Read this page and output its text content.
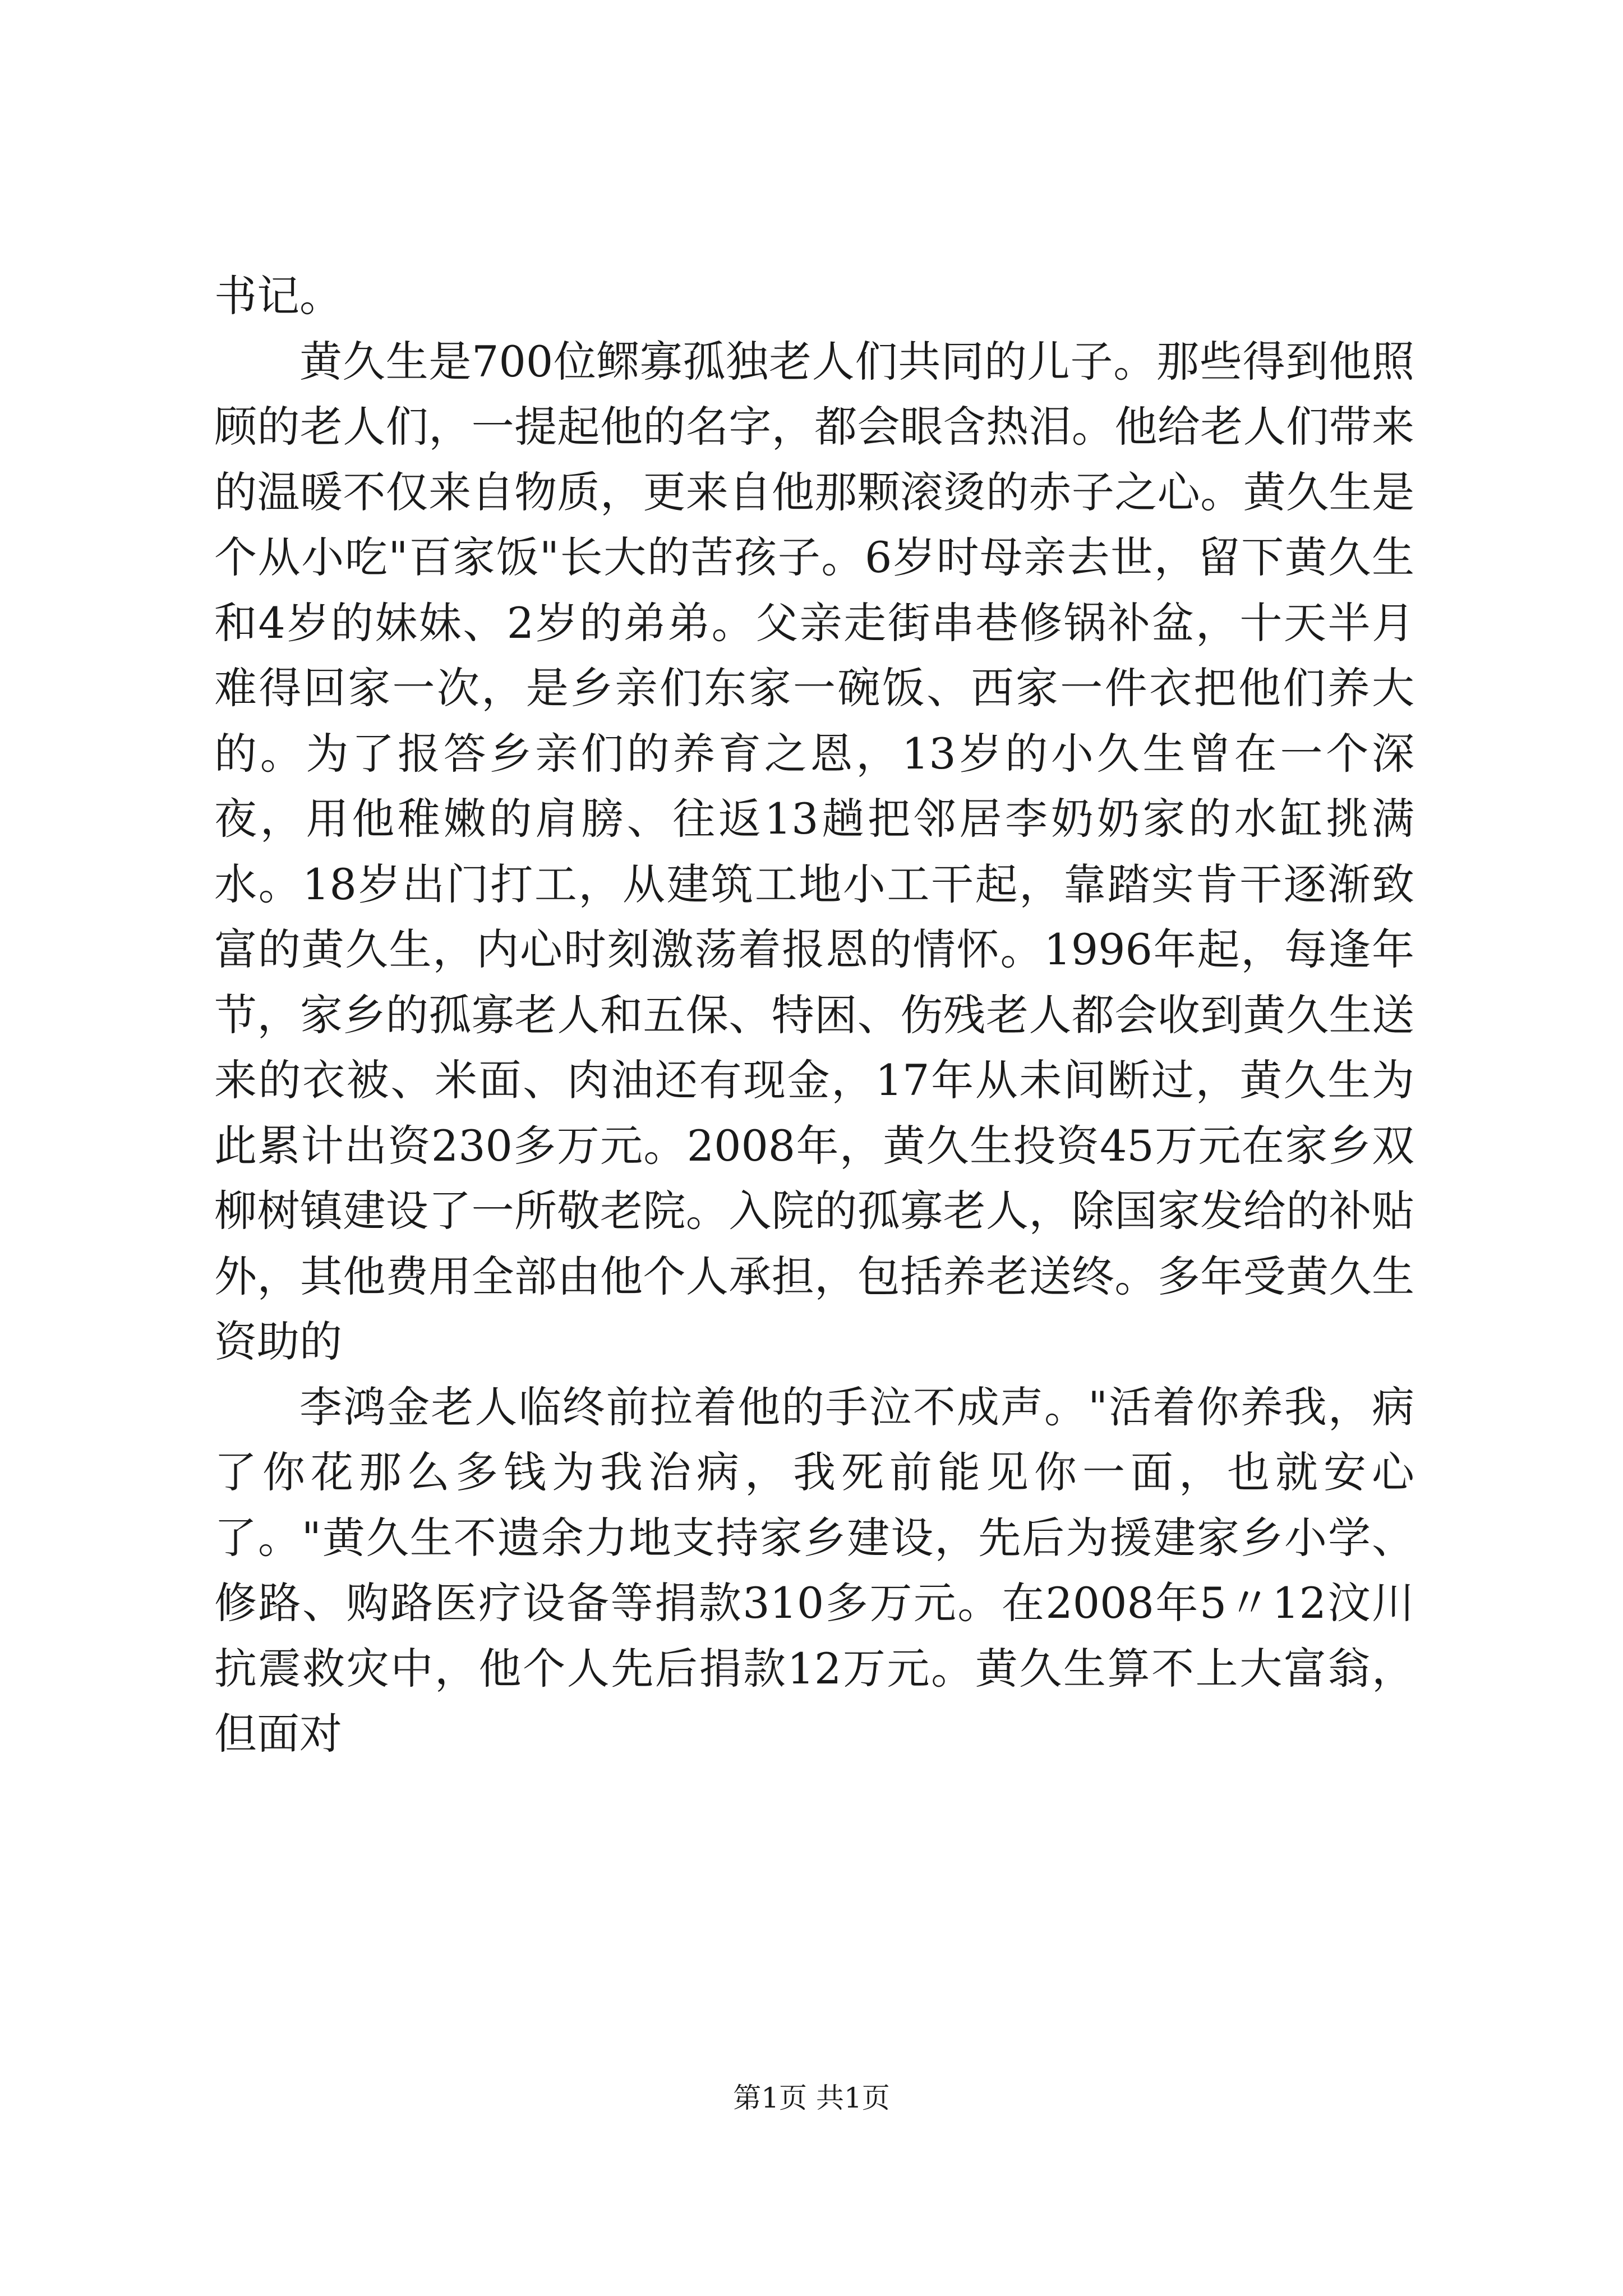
书记。

黄久生是700位鳏寡孤独老人们共同的儿子。那些得到他照顾的老人们，一提起他的名字，都会眼含热泪。他给老人们带来的温暖不仅来自物质，更来自他那颗滚烫的赤子之心。黄久生是个从小吃"百家饭"长大的苦孩子。6岁时母亲去世，留下黄久生和4岁的妹妹、2岁的弟弟。父亲走街串巷修锅补盆，十天半月难得回家一次，是乡亲们东家一碗饭、西家一件衣把他们养大的。为了报答乡亲们的养育之恩，13岁的小久生曾在一个深夜，用他稚嫩的肩膀、往返13趟把邻居李奶奶家的水缸挑满水。18岁出门打工，从建筑工地小工干起，靠踏实肯干逐渐致富的黄久生，内心时刻激荡着报恩的情怀。1996年起，每逢年节，家乡的孤寡老人和五保、特困、伤残老人都会收到黄久生送来的衣被、米面、肉油还有现金，17年从未间断过，黄久生为此累计出资230多万元。2008年，黄久生投资45万元在家乡双柳树镇建设了一所敬老院。入院的孤寡老人，除国家发给的补贴外，其他费用全部由他个人承担，包括养老送终。多年受黄久生资助的

李鸿金老人临终前拉着他的手泣不成声。"活着你养我，病了你花那么多钱为我治病，我死前能见你一面，也就安心了。"黄久生不遗余力地支持家乡建设，先后为援建家乡小学、修路、购路医疗设备等捐款310多万元。在2008年5〃12汶川抗震救灾中，他个人先后捐款12万元。黄久生算不上大富翁，但面对

第1页 共1页
